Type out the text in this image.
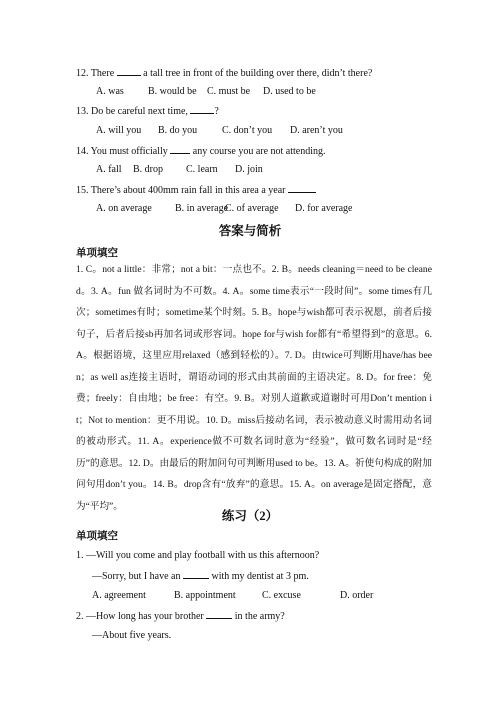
12. There  a tall tree in front of the building over there, didn’t there?
A. was B. would be C. must be D. used to be
13. Do be careful next time, ?
A. will you B. do you C. don’t you D. aren’t you
14. You must officially  any course you are not attending.
A. fall B. drop C. learn D. join
15. There’s about 400mm rain fall in this area a year
A. on average B. in average
C. of average D. for average
答案与简析
单项填空
1. C。not a little：非常；not a bit：一点也不。2. B。needs cleaning＝need to be cleaned。3. A。fun 做名词时为不可数。4. A。some time表示“一段时间”。some times有几次；sometimes有时；sometime某个时刻。5. B。hope与wish都可表示祝愿，前者后接句子，后者后接sb再加名词或形容词。hope for与wish for都有“希望得到”的意思。6. A。根据语境，这里应用relaxed（感到轻松的）。7. D。由twice可判断用have/has been；as well as连接主语时，谓语动词的形式由其前面的主语决定。8. D。for free：免费；freely：自由地；be free：有空。9. B。对别人道歉或道谢时可用Don’t mention it；Not to mention：更不用说。10. D。miss后接动名词，表示被动意义时需用动名词的被动形式。11. A。experience做不可数名词时意为“经验”，做可数名词时是“经历”的意思。12. D。由最后的附加问句可判断用used to be。13. A。祈使句构成的附加问句用don’t you。14. B。drop含有“放弃”的意思。15. A。on average是固定搭配，意为“平均”。
练习（2）
单项填空
1. —Will you come and play football with us this afternoon?
—Sorry, but I have an	with my dentist at 3 pm.
A. agreement	B. appointment	C. excuse	D. order
2. —How long has your brother	in the army?
—About five years.
